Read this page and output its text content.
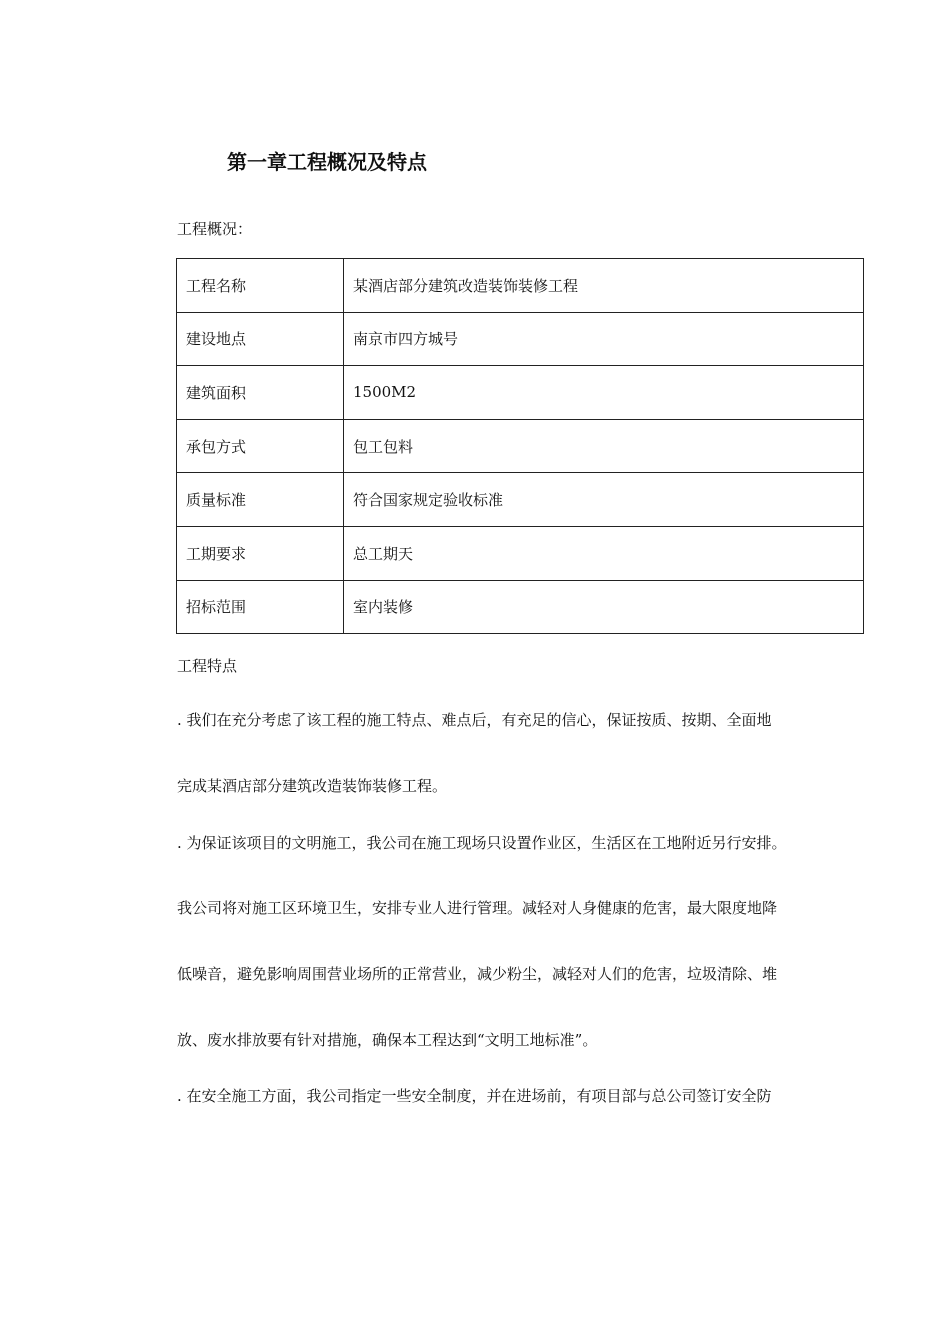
第一章工程概况及特点
工程概况：
工程名称	某酒店部分建筑改造装饰装修工程
建设地点	南京市四方城号
建筑面积	1500M2
承包方式	包工包料
质量标准	符合国家规定验收标准
工期要求	总工期天
招标范围	室内装修
工程特点
. 我们在充分考虑了该工程的施工特点、难点后，有充足的信心，保证按质、按期、全面地
完成某酒店部分建筑改造装饰装修工程。
. 为保证该项目的文明施工，我公司在施工现场只设置作业区，生活区在工地附近另行安排。
我公司将对施工区环境卫生，安排专业人进行管理。减轻对人身健康的危害，最大限度地降
低噪音，避免影响周围营业场所的正常营业，减少粉尘，减轻对人们的危害，垃圾清除、堆
放、废水排放要有针对措施，确保本工程达到“文明工地标准”。
. 在安全施工方面，我公司指定一些安全制度，并在进场前，有项目部与总公司签订安全防
